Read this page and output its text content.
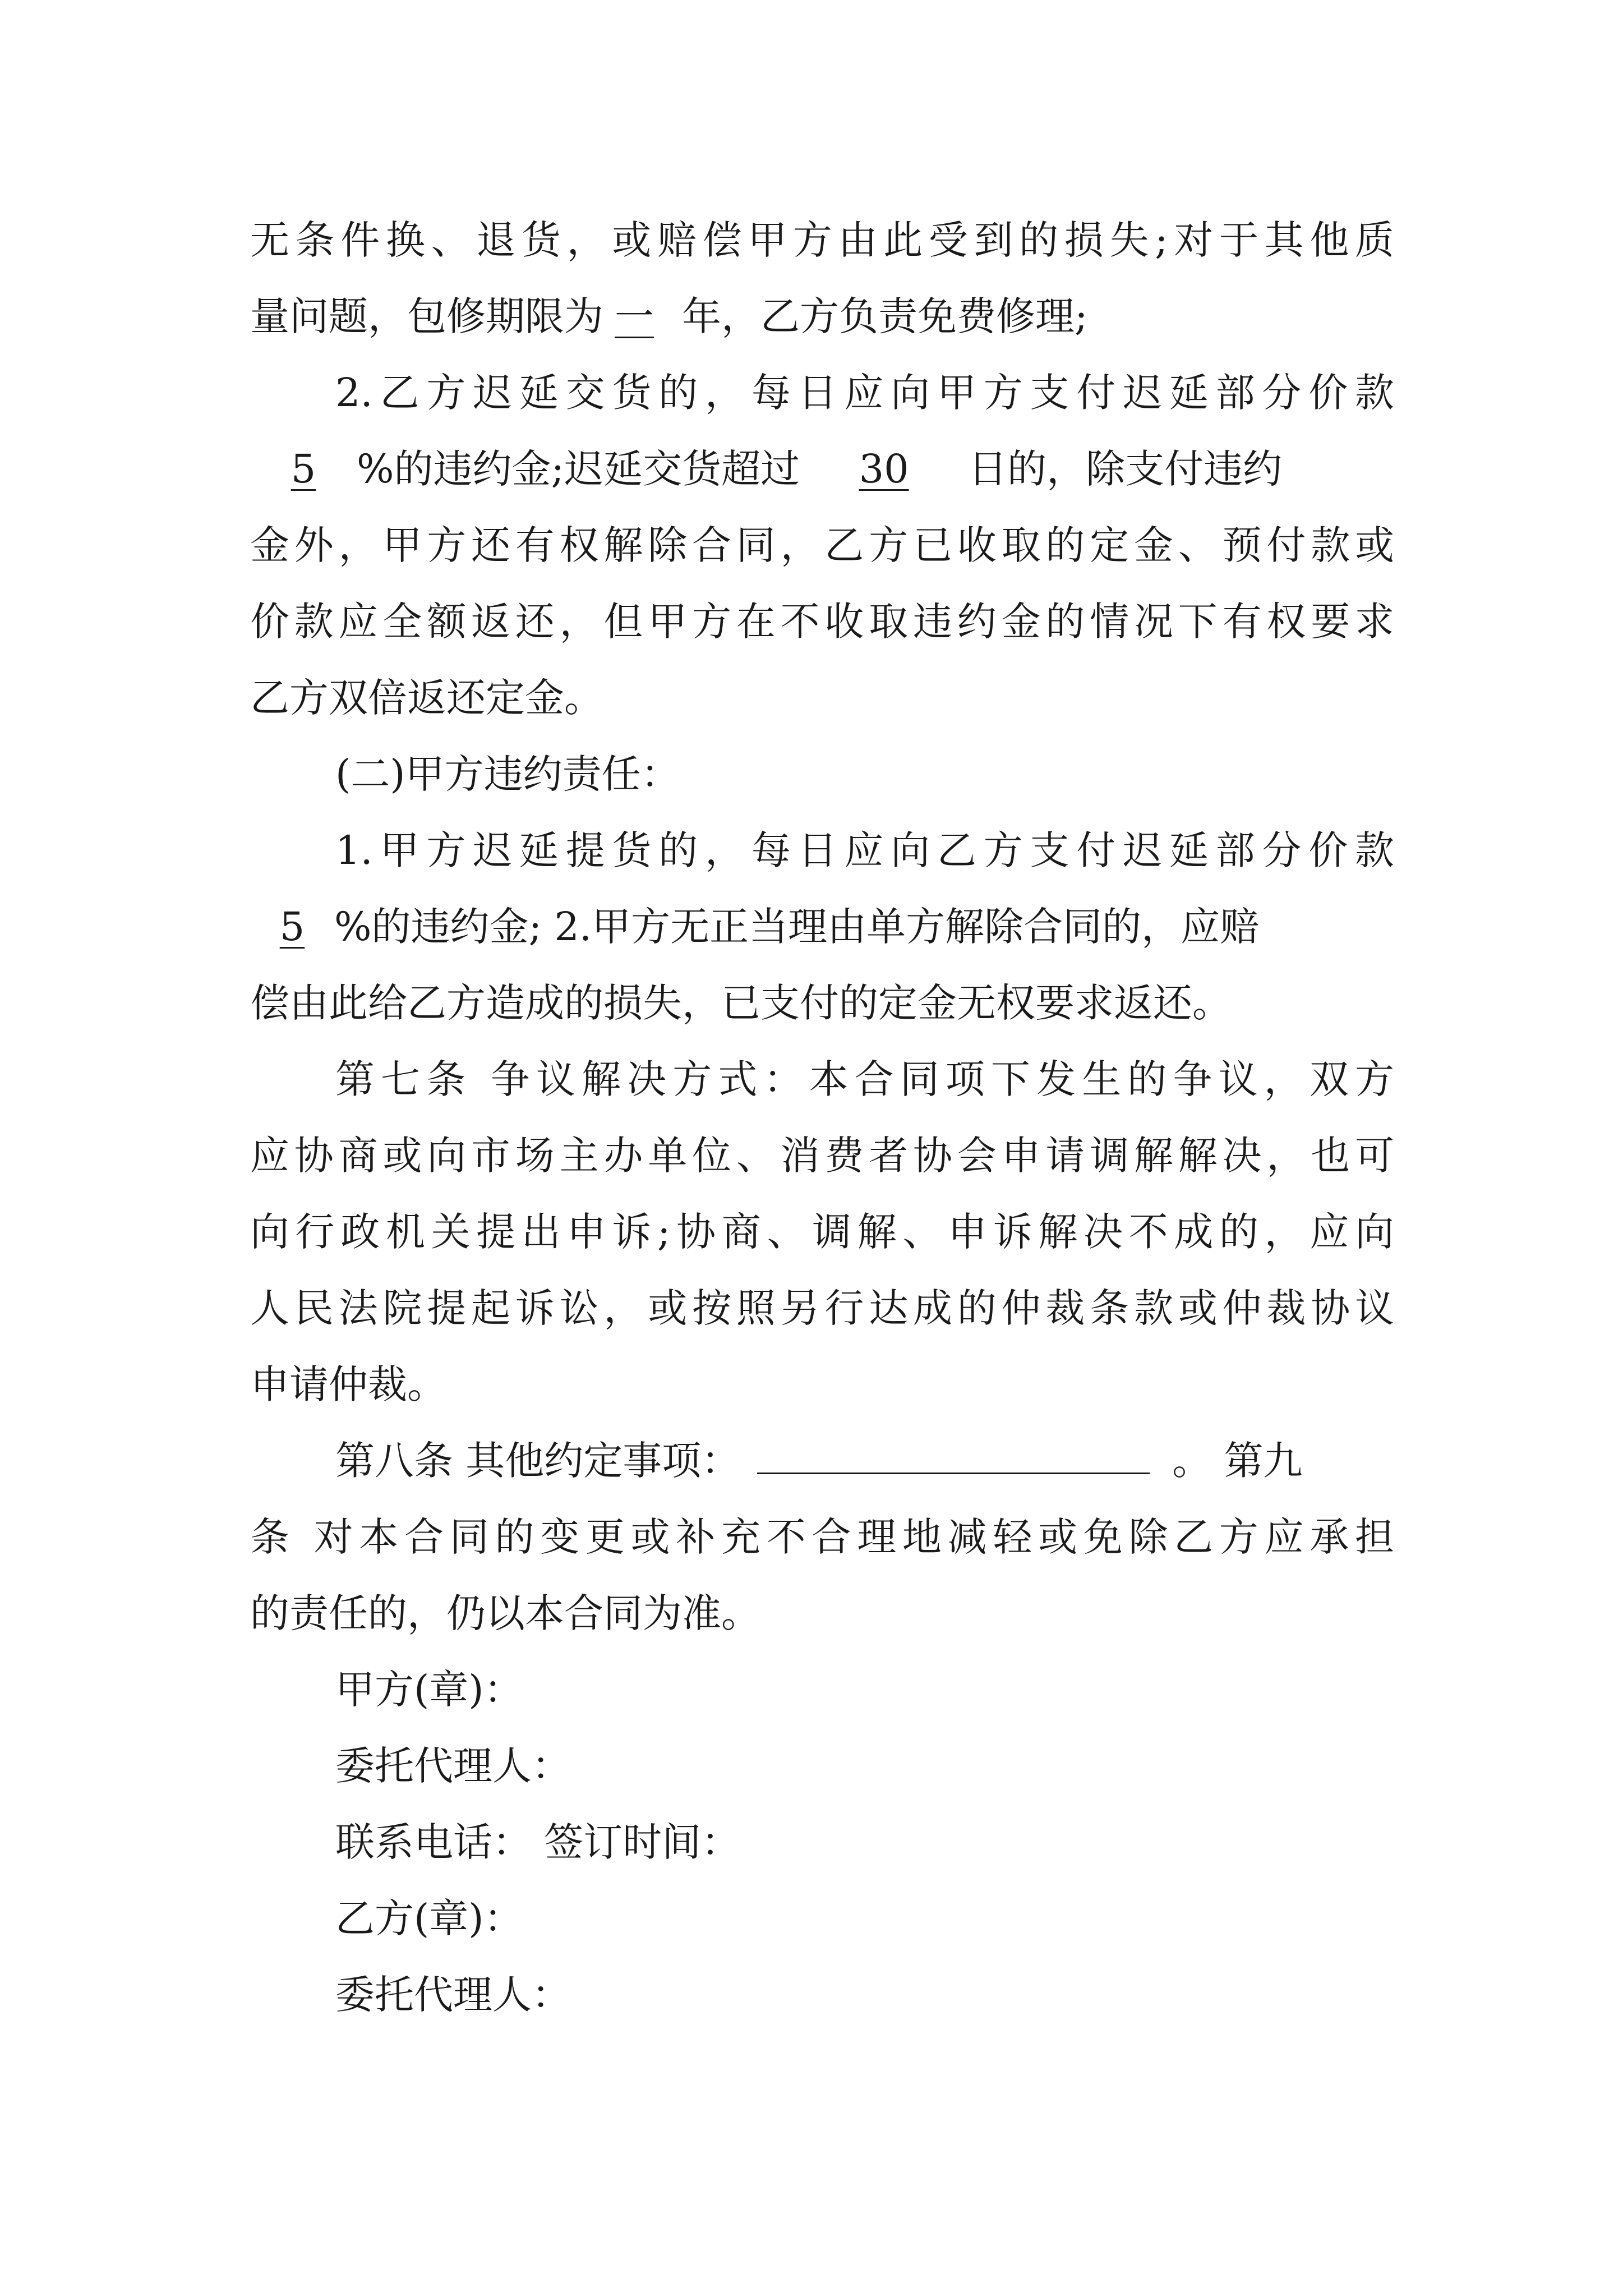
无条件换、退货，或赔偿甲方由此受到的损失;对于其他质
量问题，包修期限为 一 年，乙方负责免费修理;
2.乙方迟延交货的，每日应向甲方支付迟延部分价款
5 %的违约金;迟延交货超过 30 日的，除支付违约
金外，甲方还有权解除合同，乙方已收取的定金、预付款或
价款应全额返还，但甲方在不收取违约金的情况下有权要求
乙方双倍返还定金。
(二)甲方违约责任：
1.甲方迟延提货的，每日应向乙方支付迟延部分价款
5 %的违约金; 2.甲方无正当理由单方解除合同的，应赔
偿由此给乙方造成的损失，已支付的定金无权要求返还。
第七条 争议解决方式：本合同项下发生的争议，双方
应协商或向市场主办单位、消费者协会申请调解解决，也可
向行政机关提出申诉;协商、调解、申诉解决不成的，应向
人民法院提起诉讼，或按照另行达成的仲裁条款或仲裁协议
申请仲裁。
第八条 其他约定事项：	。 第九
条 对本合同的变更或补充不合理地减轻或免除乙方应承担
的责任的，仍以本合同为准。
甲方(章)：
委托代理人：
联系电话： 签订时间：
乙方(章)：
委托代理人：
